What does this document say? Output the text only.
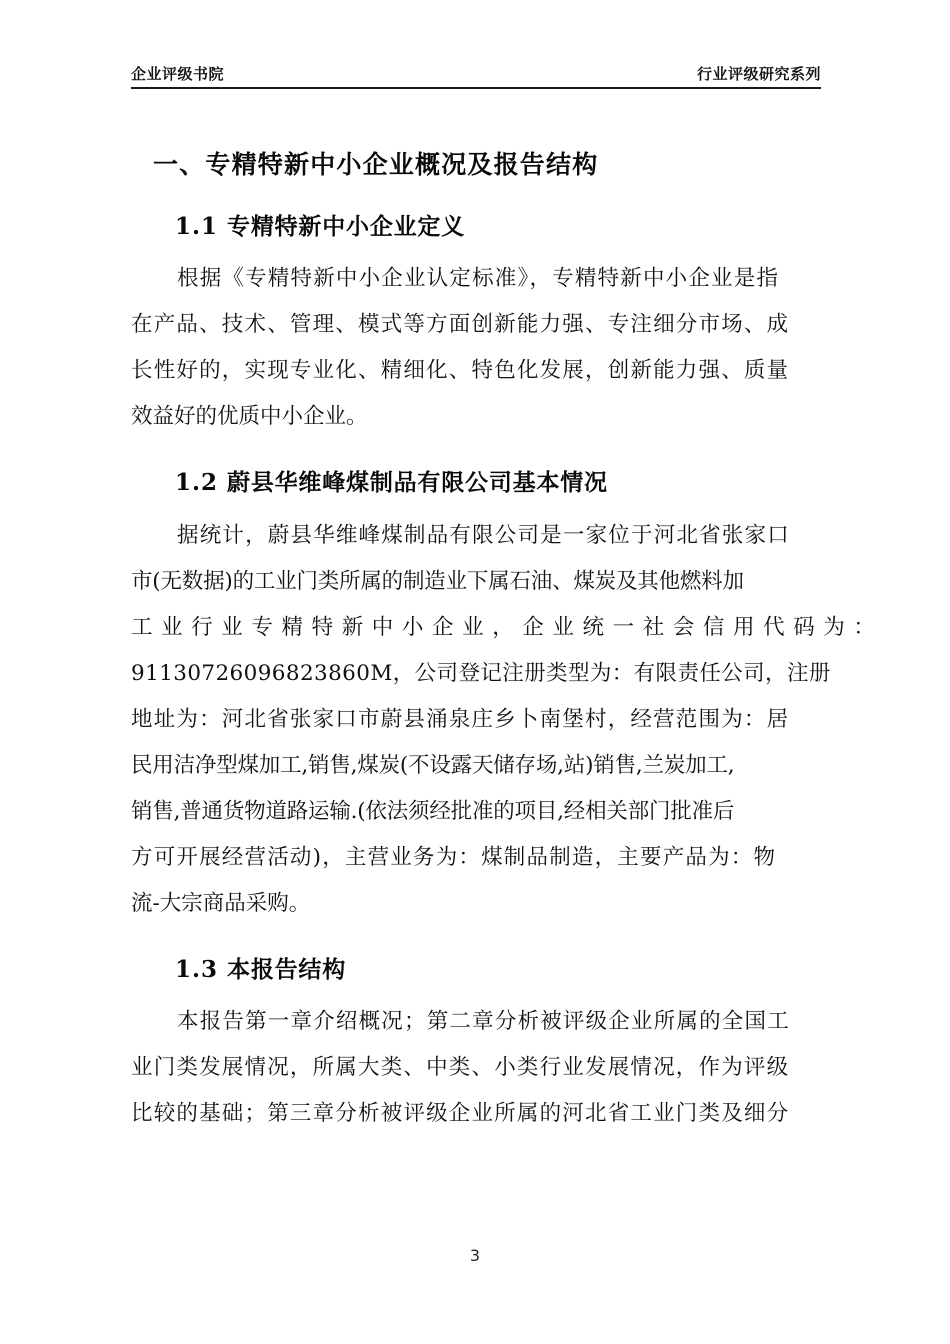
企业评级书院	行业评级研究系列
一、专精特新中小企业概况及报告结构
1.1 专精特新中小企业定义

根据《专精特新中小企业认定标准》，专精特新中小企业是指
在产品、技术、管理、模式等方面创新能力强、专注细分市场、成
长性好的，实现专业化、精细化、特色化发展，创新能力强、质量
效益好的优质中小企业。

1.2 蔚县华维峰煤制品有限公司基本情况

据统计，蔚县华维峰煤制品有限公司是一家位于河北省张家口
市(无数据)的工业门类所属的制造业下属石油、煤炭及其他燃料加
工业行业专精特新中小企业，企业统一社会信用代码为：
91130726096823860M，公司登记注册类型为：有限责任公司，注册
地址为：河北省张家口市蔚县涌泉庄乡卜南堡村，经营范围为：居
民用洁净型煤加工,销售,煤炭(不设露天储存场,站)销售,兰炭加工,
销售,普通货物道路运输.(依法须经批准的项目,经相关部门批准后
方可开展经营活动)，主营业务为：煤制品制造，主要产品为：物
流-大宗商品采购。

1.3 本报告结构

本报告第一章介绍概况；第二章分析被评级企业所属的全国工
业门类发展情况，所属大类、中类、小类行业发展情况，作为评级
比较的基础；第三章分析被评级企业所属的河北省工业门类及细分

3
